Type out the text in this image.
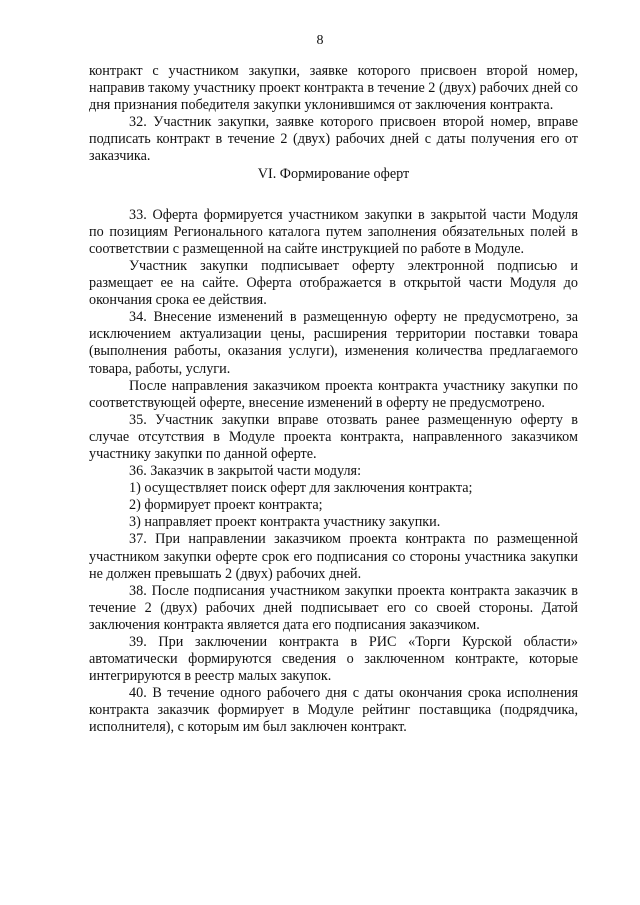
8

контракт с участником закупки, заявке которого присвоен второй номер, направив такому участнику проект контракта в течение 2 (двух) рабочих дней со дня признания победителя закупки уклонившимся от заключения контракта.

32. Участник закупки, заявке которого присвоен второй номер, вправе подписать контракт в течение 2 (двух) рабочих дней с даты получения его от заказчика.

VI. Формирование оферт

33. Оферта формируется участником закупки в закрытой части Модуля по позициям Регионального каталога путем заполнения обязательных полей в соответствии с размещенной на сайте инструкцией по работе в Модуле.

Участник закупки подписывает оферту электронной подписью и размещает ее на сайте. Оферта отображается в открытой части Модуля до окончания срока ее действия.

34. Внесение изменений в размещенную оферту не предусмотрено, за исключением актуализации цены, расширения территории поставки товара (выполнения работы, оказания услуги), изменения количества предлагаемого товара, работы, услуги.

После направления заказчиком проекта контракта участнику закупки по соответствующей оферте, внесение изменений в оферту не предусмотрено.

35. Участник закупки вправе отозвать ранее размещенную оферту в случае отсутствия в Модуле проекта контракта, направленного заказчиком участнику закупки по данной оферте.

36. Заказчик в закрытой части модуля:

1) осуществляет поиск оферт для заключения контракта;

2) формирует проект контракта;

3) направляет проект контракта участнику закупки.

37. При направлении заказчиком проекта контракта по размещенной участником закупки оферте срок его подписания со стороны участника закупки не должен превышать 2 (двух) рабочих дней.

38. После подписания участником закупки проекта контракта заказчик в течение 2 (двух) рабочих дней подписывает его со своей стороны. Датой заключения контракта является дата его подписания заказчиком.

39. При заключении контракта в РИС «Торги Курской области» автоматически формируются сведения о заключенном контракте, которые интегрируются в реестр малых закупок.

40. В течение одного рабочего дня с даты окончания срока исполнения контракта заказчик формирует в Модуле рейтинг поставщика (подрядчика, исполнителя), с которым им был заключен контракт.
